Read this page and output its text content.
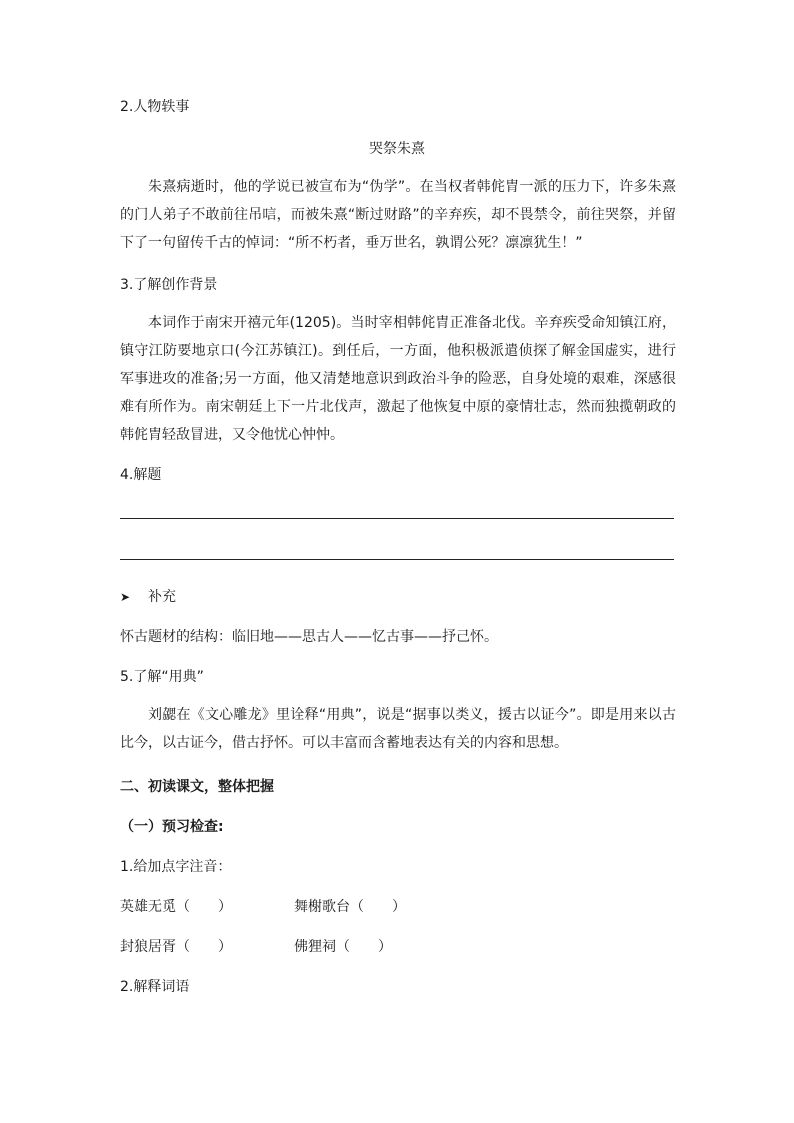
2.人物轶事
哭祭朱熹
朱熹病逝时，他的学说已被宣布为“伪学”。在当权者韩侂胄一派的压力下，许多朱熹的门人弟子不敢前往吊唁，而被朱熹“断过财路”的辛弃疾，却不畏禁令，前往哭祭，并留下了一句留传千古的悼词：“所不朽者，垂万世名，孰谓公死？凛凛犹生！”
3.了解创作背景
本词作于南宋开禧元年(1205)。当时宰相韩侂胄正准备北伐。辛弃疾受命知镇江府，镇守江防要地京口(今江苏镇江)。到任后，一方面，他积极派遣侦探了解金国虚实，进行军事进攻的准备;另一方面，他又清楚地意识到政治斗争的险恶，自身处境的艰难，深感很难有所作为。南宋朝廷上下一片北伐声，激起了他恢复中原的豪情壮志，然而独揽朝政的韩侂胄轻敌冒进，又令他忧心忡忡。
4.解题
➤ 补充
怀古题材的结构：临旧地——思古人——忆古事——抒己怀。
5.了解“用典”
刘勰在《文心雕龙》里诠释“用典”，说是“据事以类义，援古以证今”。即是用来以古比今，以古证今，借古抒怀。可以丰富而含蓄地表达有关的内容和思想。
二、初读课文，整体把握
（一）预习检查:
1.给加点字注音：
英雄无觅（　　）	舞榭歌台（　　）
封狼居胥（　　）	佛狸祠（　　）
2.解释词语
